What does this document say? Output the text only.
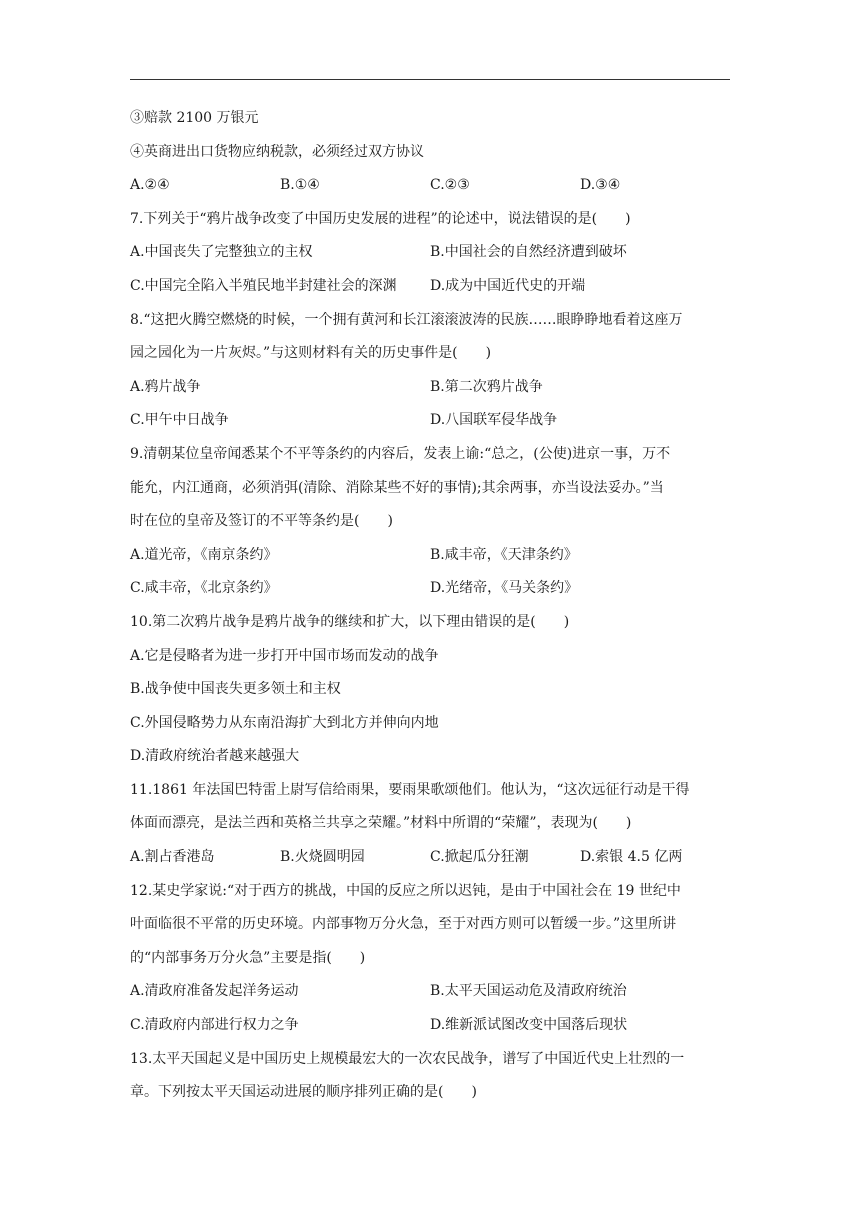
③赔款 2100 万银元
④英商进出口货物应纳税款，必须经过双方协议
A.②④	B.①④	C.②③	D.③④
7.下列关于“鸦片战争改变了中国历史发展的进程”的论述中，说法错误的是(　　)
A.中国丧失了完整独立的主权	B.中国社会的自然经济遭到破坏
C.中国完全陷入半殖民地半封建社会的深渊 D.成为中国近代史的开端
8.“这把火腾空燃烧的时候，一个拥有黄河和长江滚滚波涛的民族……眼睁睁地看着这座万
园之园化为一片灰烬。”与这则材料有关的历史事件是(　　)
A.鸦片战争	B.第二次鸦片战争
C.甲午中日战争	D.八国联军侵华战争
9.清朝某位皇帝闻悉某个不平等条约的内容后，发表上谕:“总之，(公使)进京一事，万不
能允，内江通商，必须消弭(清除、消除某些不好的事情);其余两事，亦当设法妥办。”当
时在位的皇帝及签订的不平等条约是(　　)
A.道光帝，《南京条约》	B.咸丰帝，《天津条约》
C.咸丰帝，《北京条约》	D.光绪帝，《马关条约》
10.第二次鸦片战争是鸦片战争的继续和扩大，以下理由错误的是(　　)
A.它是侵略者为进一步打开中国市场而发动的战争
B.战争使中国丧失更多领土和主权
C.外国侵略势力从东南沿海扩大到北方并伸向内地
D.清政府统治者越来越强大
11.1861 年法国巴特雷上尉写信给雨果，要雨果歌颂他们。他认为，“这次远征行动是干得
体面而漂亮，是法兰西和英格兰共享之荣耀。”材料中所谓的“荣耀”，表现为(　　)
A.割占香港岛	B.火烧圆明园	C.掀起瓜分狂潮	D.索银 4.5 亿两
12.某史学家说:“对于西方的挑战，中国的反应之所以迟钝，是由于中国社会在 19 世纪中
叶面临很不平常的历史环境。内部事物万分火急，至于对西方则可以暂缓一步。”这里所讲
的“内部事务万分火急”主要是指(　　)
A.清政府准备发起洋务运动	B.太平天国运动危及清政府统治
C.清政府内部进行权力之争	D.维新派试图改变中国落后现状
13.太平天国起义是中国历史上规模最宏大的一次农民战争，谱写了中国近代史上壮烈的一
章。下列按太平天国运动进展的顺序排列正确的是(　　)
